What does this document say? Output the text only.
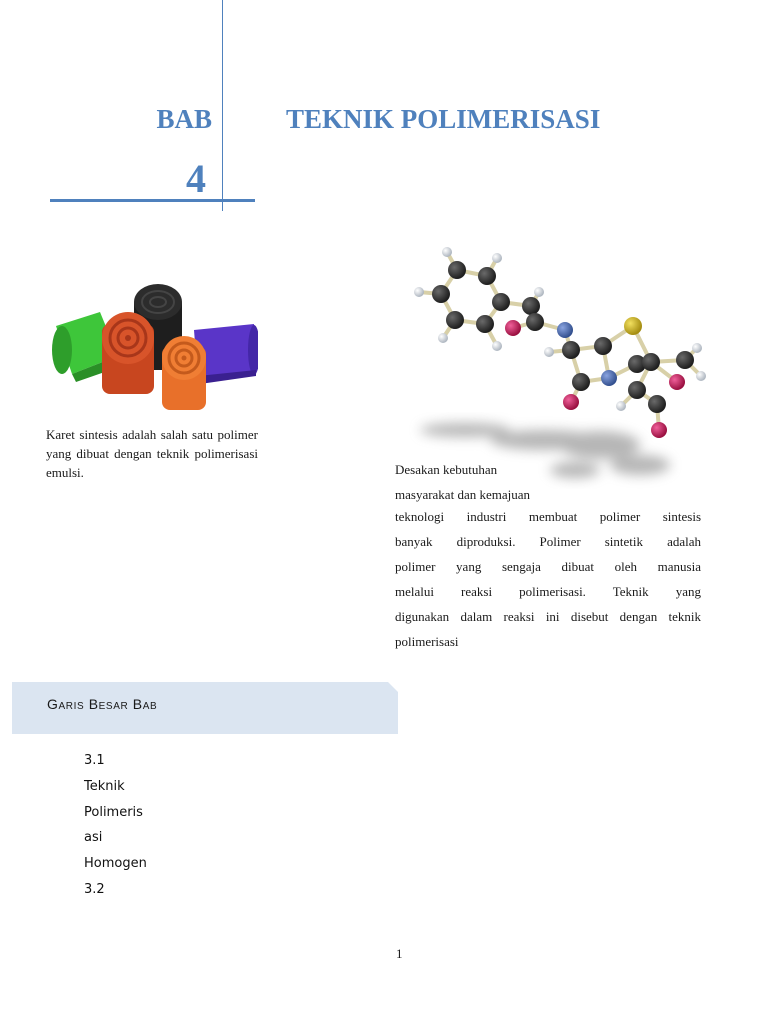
BAB
4
TEKNIK POLIMERISASI
Karet sintesis adalah salah satu polimer yang dibuat dengan teknik polimerisasi emulsi.	Desakan kebutuhan
masyarakat dan kemajuan
teknologi industri membuat polimer sintesis
banyak diproduksi. Polimer sintetik adalah
polimer yang sengaja dibuat oleh manusia
melalui reaksi polimerisasi. Teknik yang
digunakan dalam reaksi ini disebut dengan teknik
polimerisasi
Garis Besar Bab
3.1
Teknik
Polimeris
asi
Homogen
3.2
1
